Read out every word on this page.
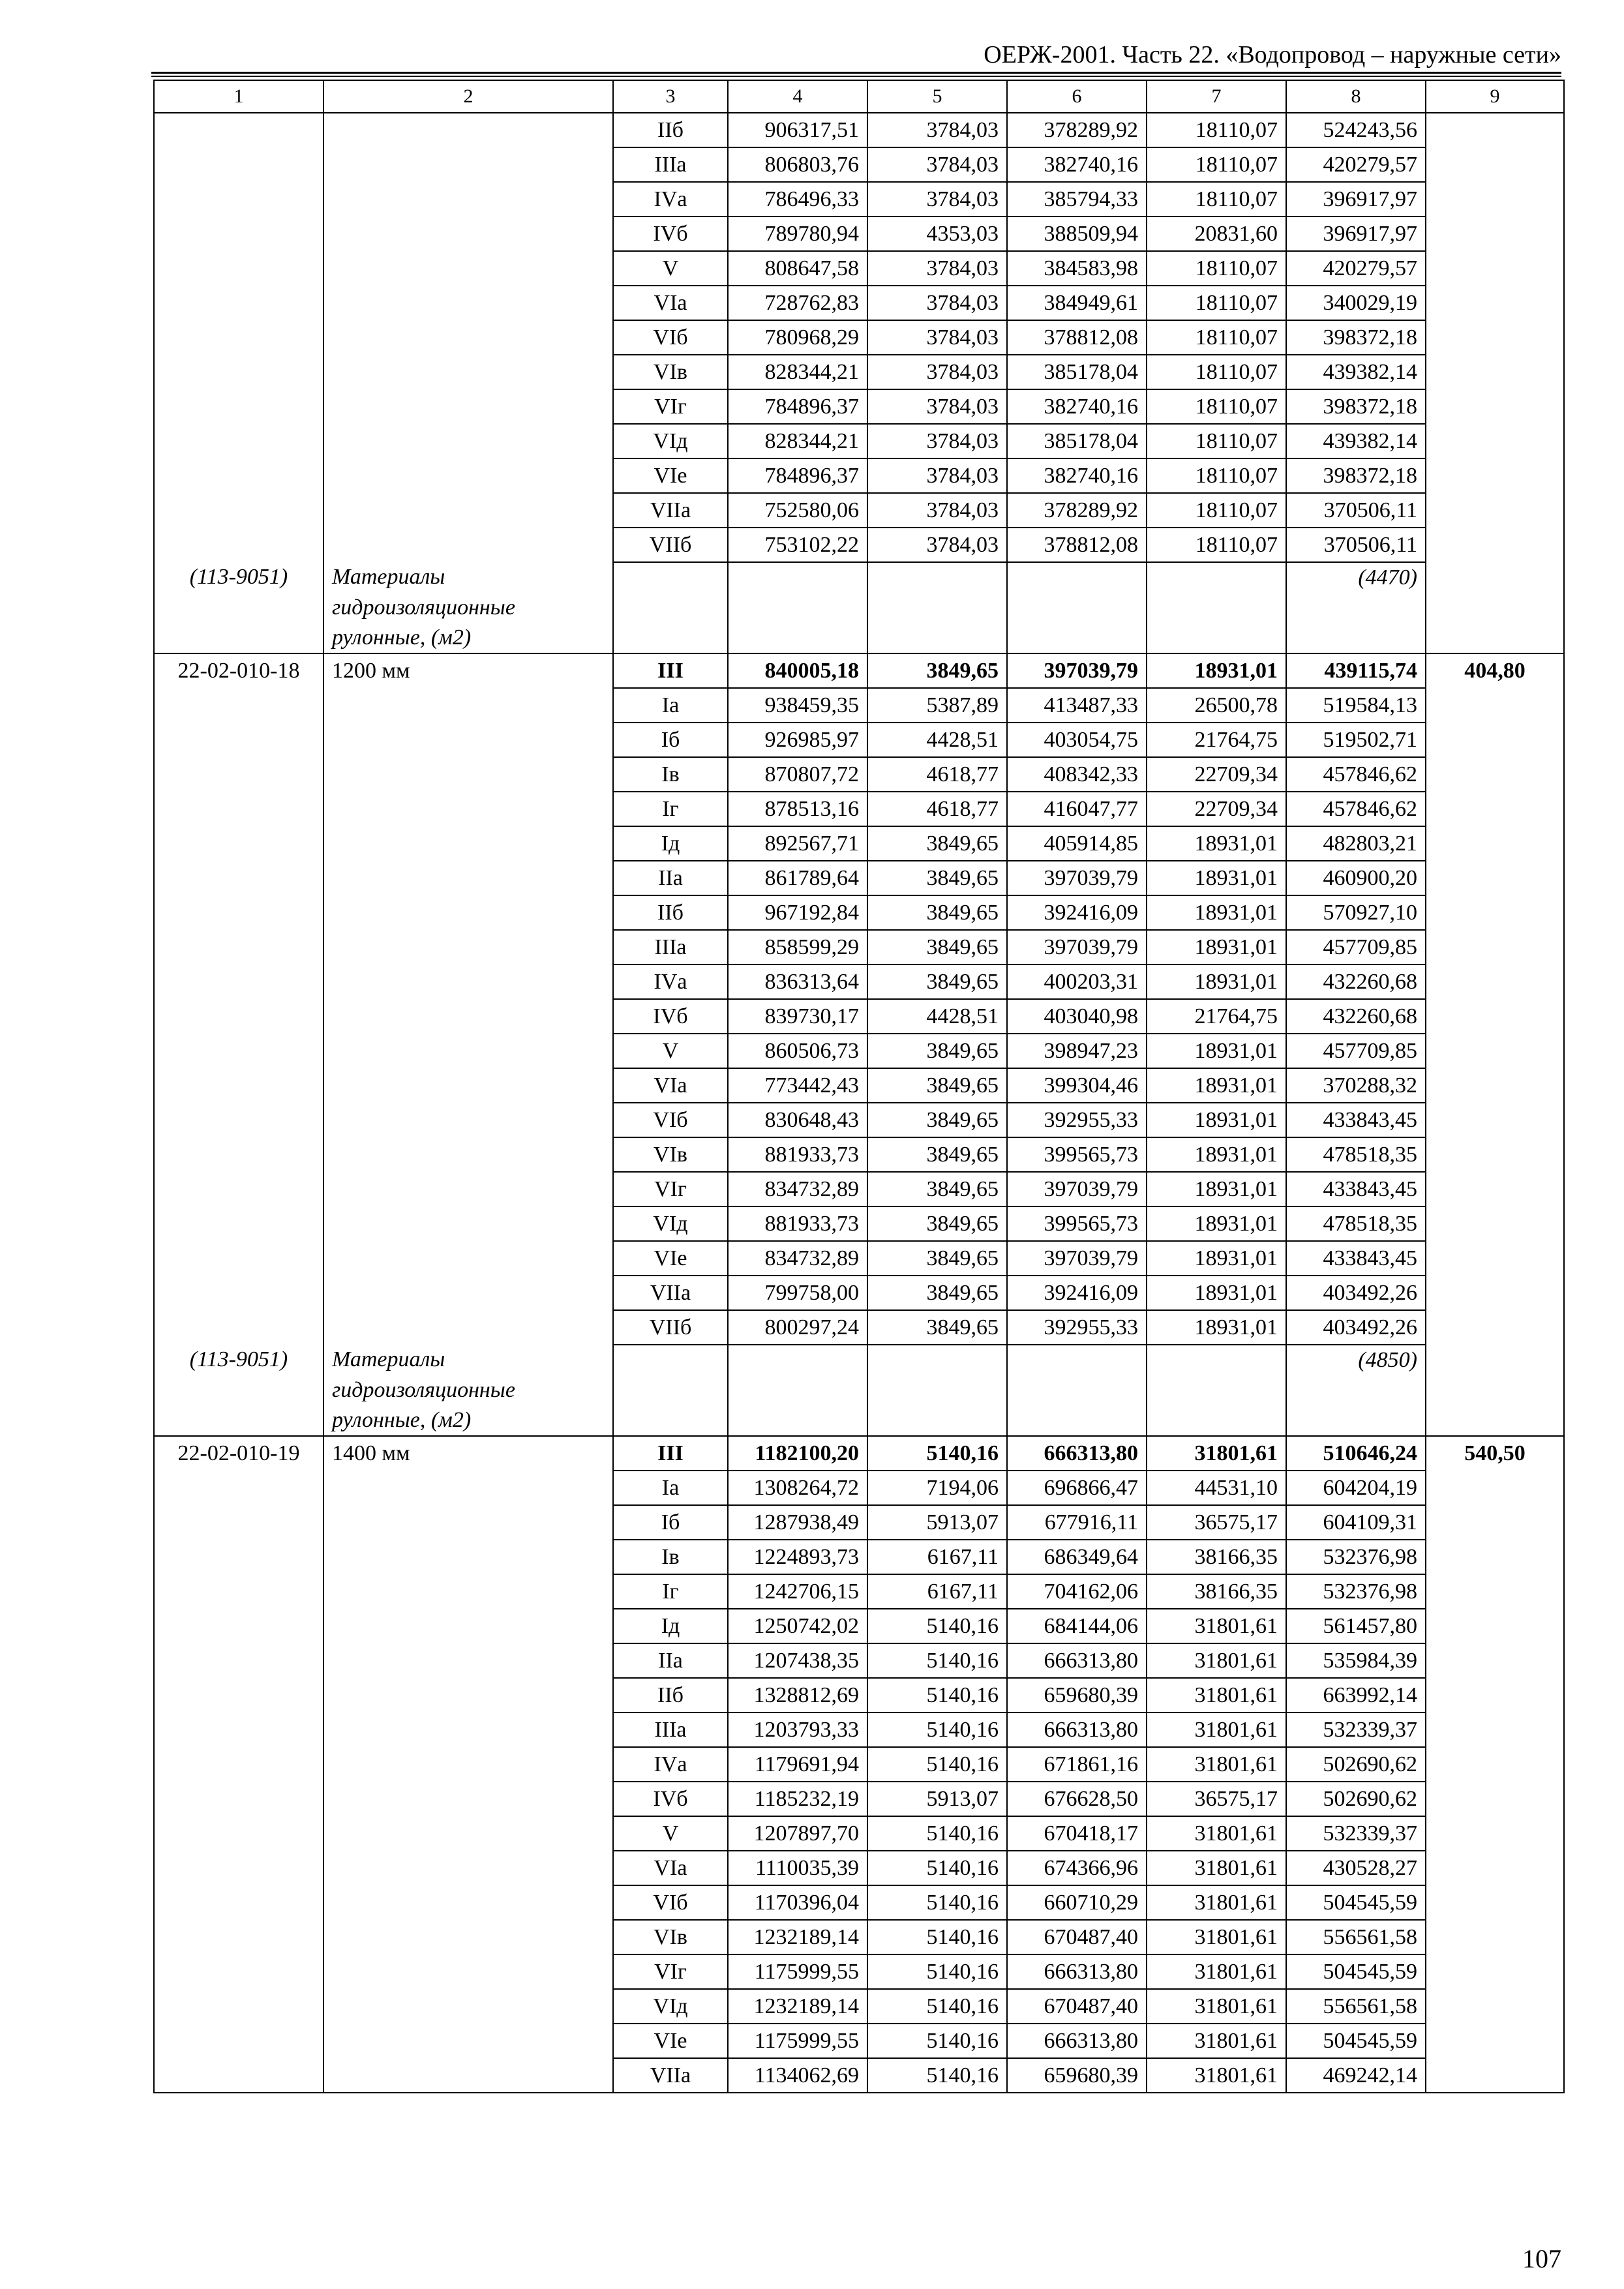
ОЕРЖ-2001. Часть 22. «Водопровод – наружные сети»
1	2	3	4	5	6	7	8	9
		IIб	906317,51	3784,03	378289,92	18110,07	524243,56	
		IIIа	806803,76	3784,03	382740,16	18110,07	420279,57	
		IVа	786496,33	3784,03	385794,33	18110,07	396917,97	
		IVб	789780,94	4353,03	388509,94	20831,60	396917,97	
		V	808647,58	3784,03	384583,98	18110,07	420279,57	
		VIа	728762,83	3784,03	384949,61	18110,07	340029,19	
		VIб	780968,29	3784,03	378812,08	18110,07	398372,18	
		VIв	828344,21	3784,03	385178,04	18110,07	439382,14	
		VIг	784896,37	3784,03	382740,16	18110,07	398372,18	
		VIд	828344,21	3784,03	385178,04	18110,07	439382,14	
		VIе	784896,37	3784,03	382740,16	18110,07	398372,18	
		VIIа	752580,06	3784,03	378289,92	18110,07	370506,11	
		VIIб	753102,22	3784,03	378812,08	18110,07	370506,11	
(113-9051)	Материалы						(4470)	
	гидроизоляционные							
	рулонные, (м2)							
22-02-010-18	1200 мм	III	840005,18	3849,65	397039,79	18931,01	439115,74	404,80
		Iа	938459,35	5387,89	413487,33	26500,78	519584,13	
		Iб	926985,97	4428,51	403054,75	21764,75	519502,71	
		Iв	870807,72	4618,77	408342,33	22709,34	457846,62	
		Iг	878513,16	4618,77	416047,77	22709,34	457846,62	
		Iд	892567,71	3849,65	405914,85	18931,01	482803,21	
		IIа	861789,64	3849,65	397039,79	18931,01	460900,20	
		IIб	967192,84	3849,65	392416,09	18931,01	570927,10	
		IIIа	858599,29	3849,65	397039,79	18931,01	457709,85	
		IVа	836313,64	3849,65	400203,31	18931,01	432260,68	
		IVб	839730,17	4428,51	403040,98	21764,75	432260,68	
		V	860506,73	3849,65	398947,23	18931,01	457709,85	
		VIа	773442,43	3849,65	399304,46	18931,01	370288,32	
		VIб	830648,43	3849,65	392955,33	18931,01	433843,45	
		VIв	881933,73	3849,65	399565,73	18931,01	478518,35	
		VIг	834732,89	3849,65	397039,79	18931,01	433843,45	
		VIд	881933,73	3849,65	399565,73	18931,01	478518,35	
		VIе	834732,89	3849,65	397039,79	18931,01	433843,45	
		VIIа	799758,00	3849,65	392416,09	18931,01	403492,26	
		VIIб	800297,24	3849,65	392955,33	18931,01	403492,26	
(113-9051)	Материалы						(4850)	
	гидроизоляционные							
	рулонные, (м2)							
22-02-010-19	1400 мм	III	1182100,20	5140,16	666313,80	31801,61	510646,24	540,50
		Iа	1308264,72	7194,06	696866,47	44531,10	604204,19	
		Iб	1287938,49	5913,07	677916,11	36575,17	604109,31	
		Iв	1224893,73	6167,11	686349,64	38166,35	532376,98	
		Iг	1242706,15	6167,11	704162,06	38166,35	532376,98	
		Iд	1250742,02	5140,16	684144,06	31801,61	561457,80	
		IIа	1207438,35	5140,16	666313,80	31801,61	535984,39	
		IIб	1328812,69	5140,16	659680,39	31801,61	663992,14	
		IIIа	1203793,33	5140,16	666313,80	31801,61	532339,37	
		IVа	1179691,94	5140,16	671861,16	31801,61	502690,62	
		IVб	1185232,19	5913,07	676628,50	36575,17	502690,62	
		V	1207897,70	5140,16	670418,17	31801,61	532339,37	
		VIа	1110035,39	5140,16	674366,96	31801,61	430528,27	
		VIб	1170396,04	5140,16	660710,29	31801,61	504545,59	
		VIв	1232189,14	5140,16	670487,40	31801,61	556561,58	
		VIг	1175999,55	5140,16	666313,80	31801,61	504545,59	
		VIд	1232189,14	5140,16	670487,40	31801,61	556561,58	
		VIе	1175999,55	5140,16	666313,80	31801,61	504545,59	
		VIIа	1134062,69	5140,16	659680,39	31801,61	469242,14	
107
